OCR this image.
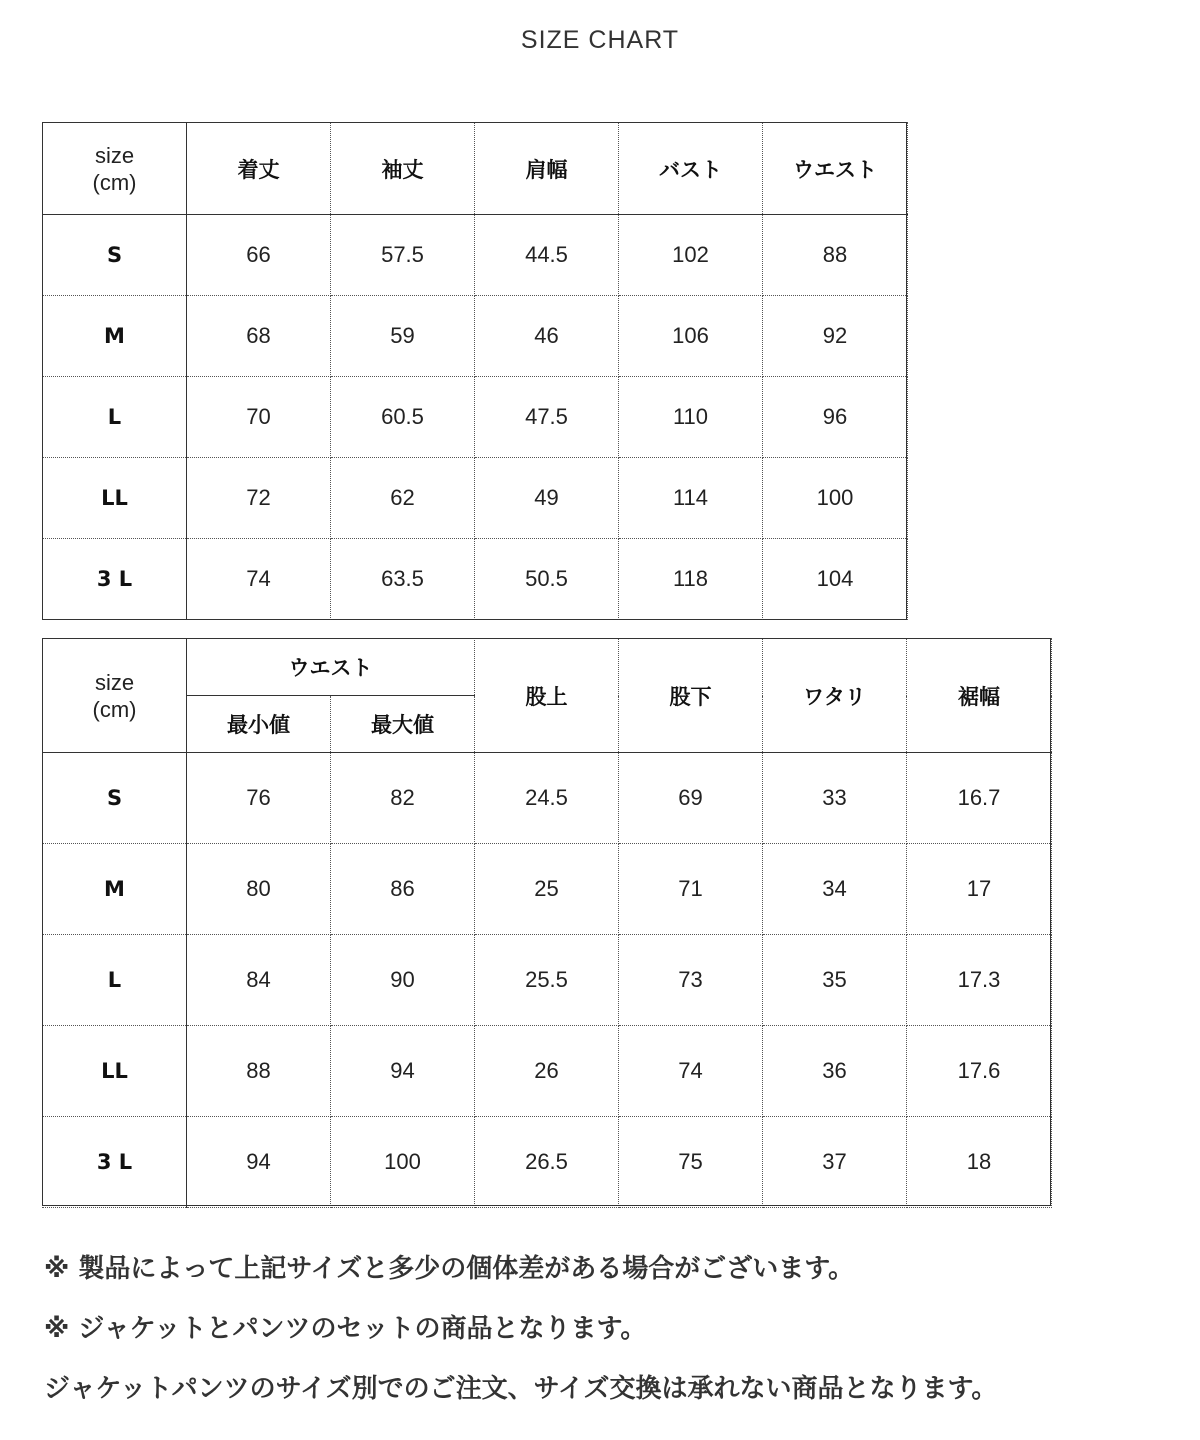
SIZE CHART
size
(cm)	着丈	袖丈	肩幅	バスト	ウエスト
S	66	57.5	44.5	102	88
M	68	59	46	106	92
L	70	60.5	47.5	110	96
LL	72	62	49	114	100
3 L	74	63.5	50.5	118	104
size
(cm)	ウエスト		股上	股下	ワタリ	裾幅
	最小値	最大値				
S	76	82	24.5	69	33	16.7
M	80	86	25	71	34	17
L	84	90	25.5	73	35	17.3
LL	88	94	26	74	36	17.6
3 L	94	100	26.5	75	37	18
※ 製品によって上記サイズと多少の個体差がある場合がございます。
※ ジャケットとパンツのセットの商品となります。
ジャケットパンツのサイズ別でのご注文、サイズ交換は承れない商品となります。
